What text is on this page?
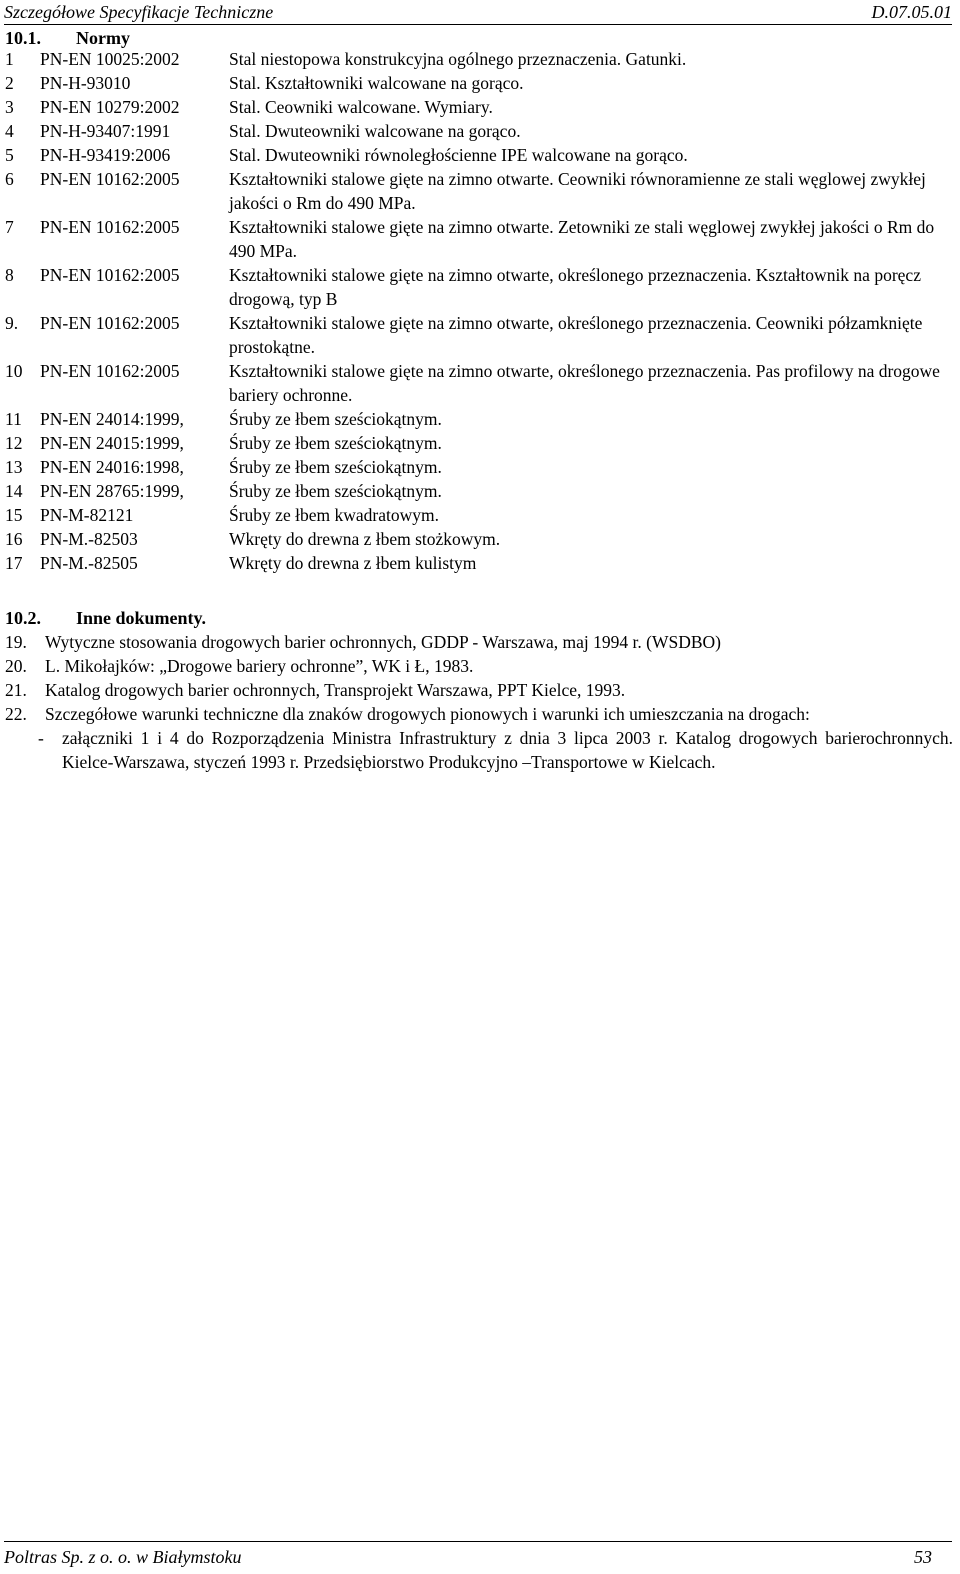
Szczegółowe Specyfikacje Techniczne	D.07.05.01
10.1. Normy
1 PN-EN 10025:2002	Stal niestopowa konstrukcyjna ogólnego przeznaczenia. Gatunki.
2 PN-H-93010	Stal. Kształtowniki walcowane na gorąco.
3 PN-EN 10279:2002	Stal. Ceowniki walcowane. Wymiary.
4 PN-H-93407:1991	Stal. Dwuteowniki walcowane na gorąco.
5 PN-H-93419:2006	Stal. Dwuteowniki równoległościenne IPE walcowane na gorąco.
6 PN-EN 10162:2005	Kształtowniki stalowe gięte na zimno otwarte. Ceowniki równoramienne ze stali węglowej zwykłej jakości o Rm do 490 MPa.
7 PN-EN 10162:2005	Kształtowniki stalowe gięte na zimno otwarte. Zetowniki ze stali węglowej zwykłej jakości o Rm do 490 MPa.
8 PN-EN 10162:2005	Kształtowniki stalowe gięte na zimno otwarte, określonego przeznaczenia. Kształtownik na poręcz drogową, typ B
9. PN-EN 10162:2005	Kształtowniki stalowe gięte na zimno otwarte, określonego przeznaczenia. Ceowniki półzamknięte prostokątne.
10 PN-EN 10162:2005	Kształtowniki stalowe gięte na zimno otwarte, określonego przeznaczenia. Pas profilowy na drogowe bariery ochronne.
11 PN-EN 24014:1999,	Śruby ze łbem sześciokątnym.
12 PN-EN 24015:1999,	Śruby ze łbem sześciokątnym.
13 PN-EN 24016:1998,	Śruby ze łbem sześciokątnym.
14 PN-EN 28765:1999,	Śruby ze łbem sześciokątnym.
15 PN-M-82121	Śruby ze łbem kwadratowym.
16 PN-M.-82503	Wkręty do drewna z łbem stożkowym.
17 PN-M.-82505	Wkręty do drewna z łbem kulistym
10.2. Inne dokumenty.
19. Wytyczne stosowania drogowych barier ochronnych, GDDP - Warszawa, maj 1994 r. (WSDBO)
20. L. Mikołajków: „Drogowe bariery ochronne”, WK i Ł, 1983.
21. Katalog drogowych barier ochronnych, Transprojekt Warszawa, PPT Kielce, 1993.
22. Szczegółowe warunki techniczne dla znaków drogowych pionowych i warunki ich umieszczania na drogach:
- załączniki 1 i 4 do Rozporządzenia Ministra Infrastruktury z dnia 3 lipca 2003 r. Katalog drogowych barierochronnych. Kielce-Warszawa, styczeń 1993 r. Przedsiębiorstwo Produkcyjno –Transportowe w Kielcach.
Poltras Sp. z o. o. w Białymstoku	53
